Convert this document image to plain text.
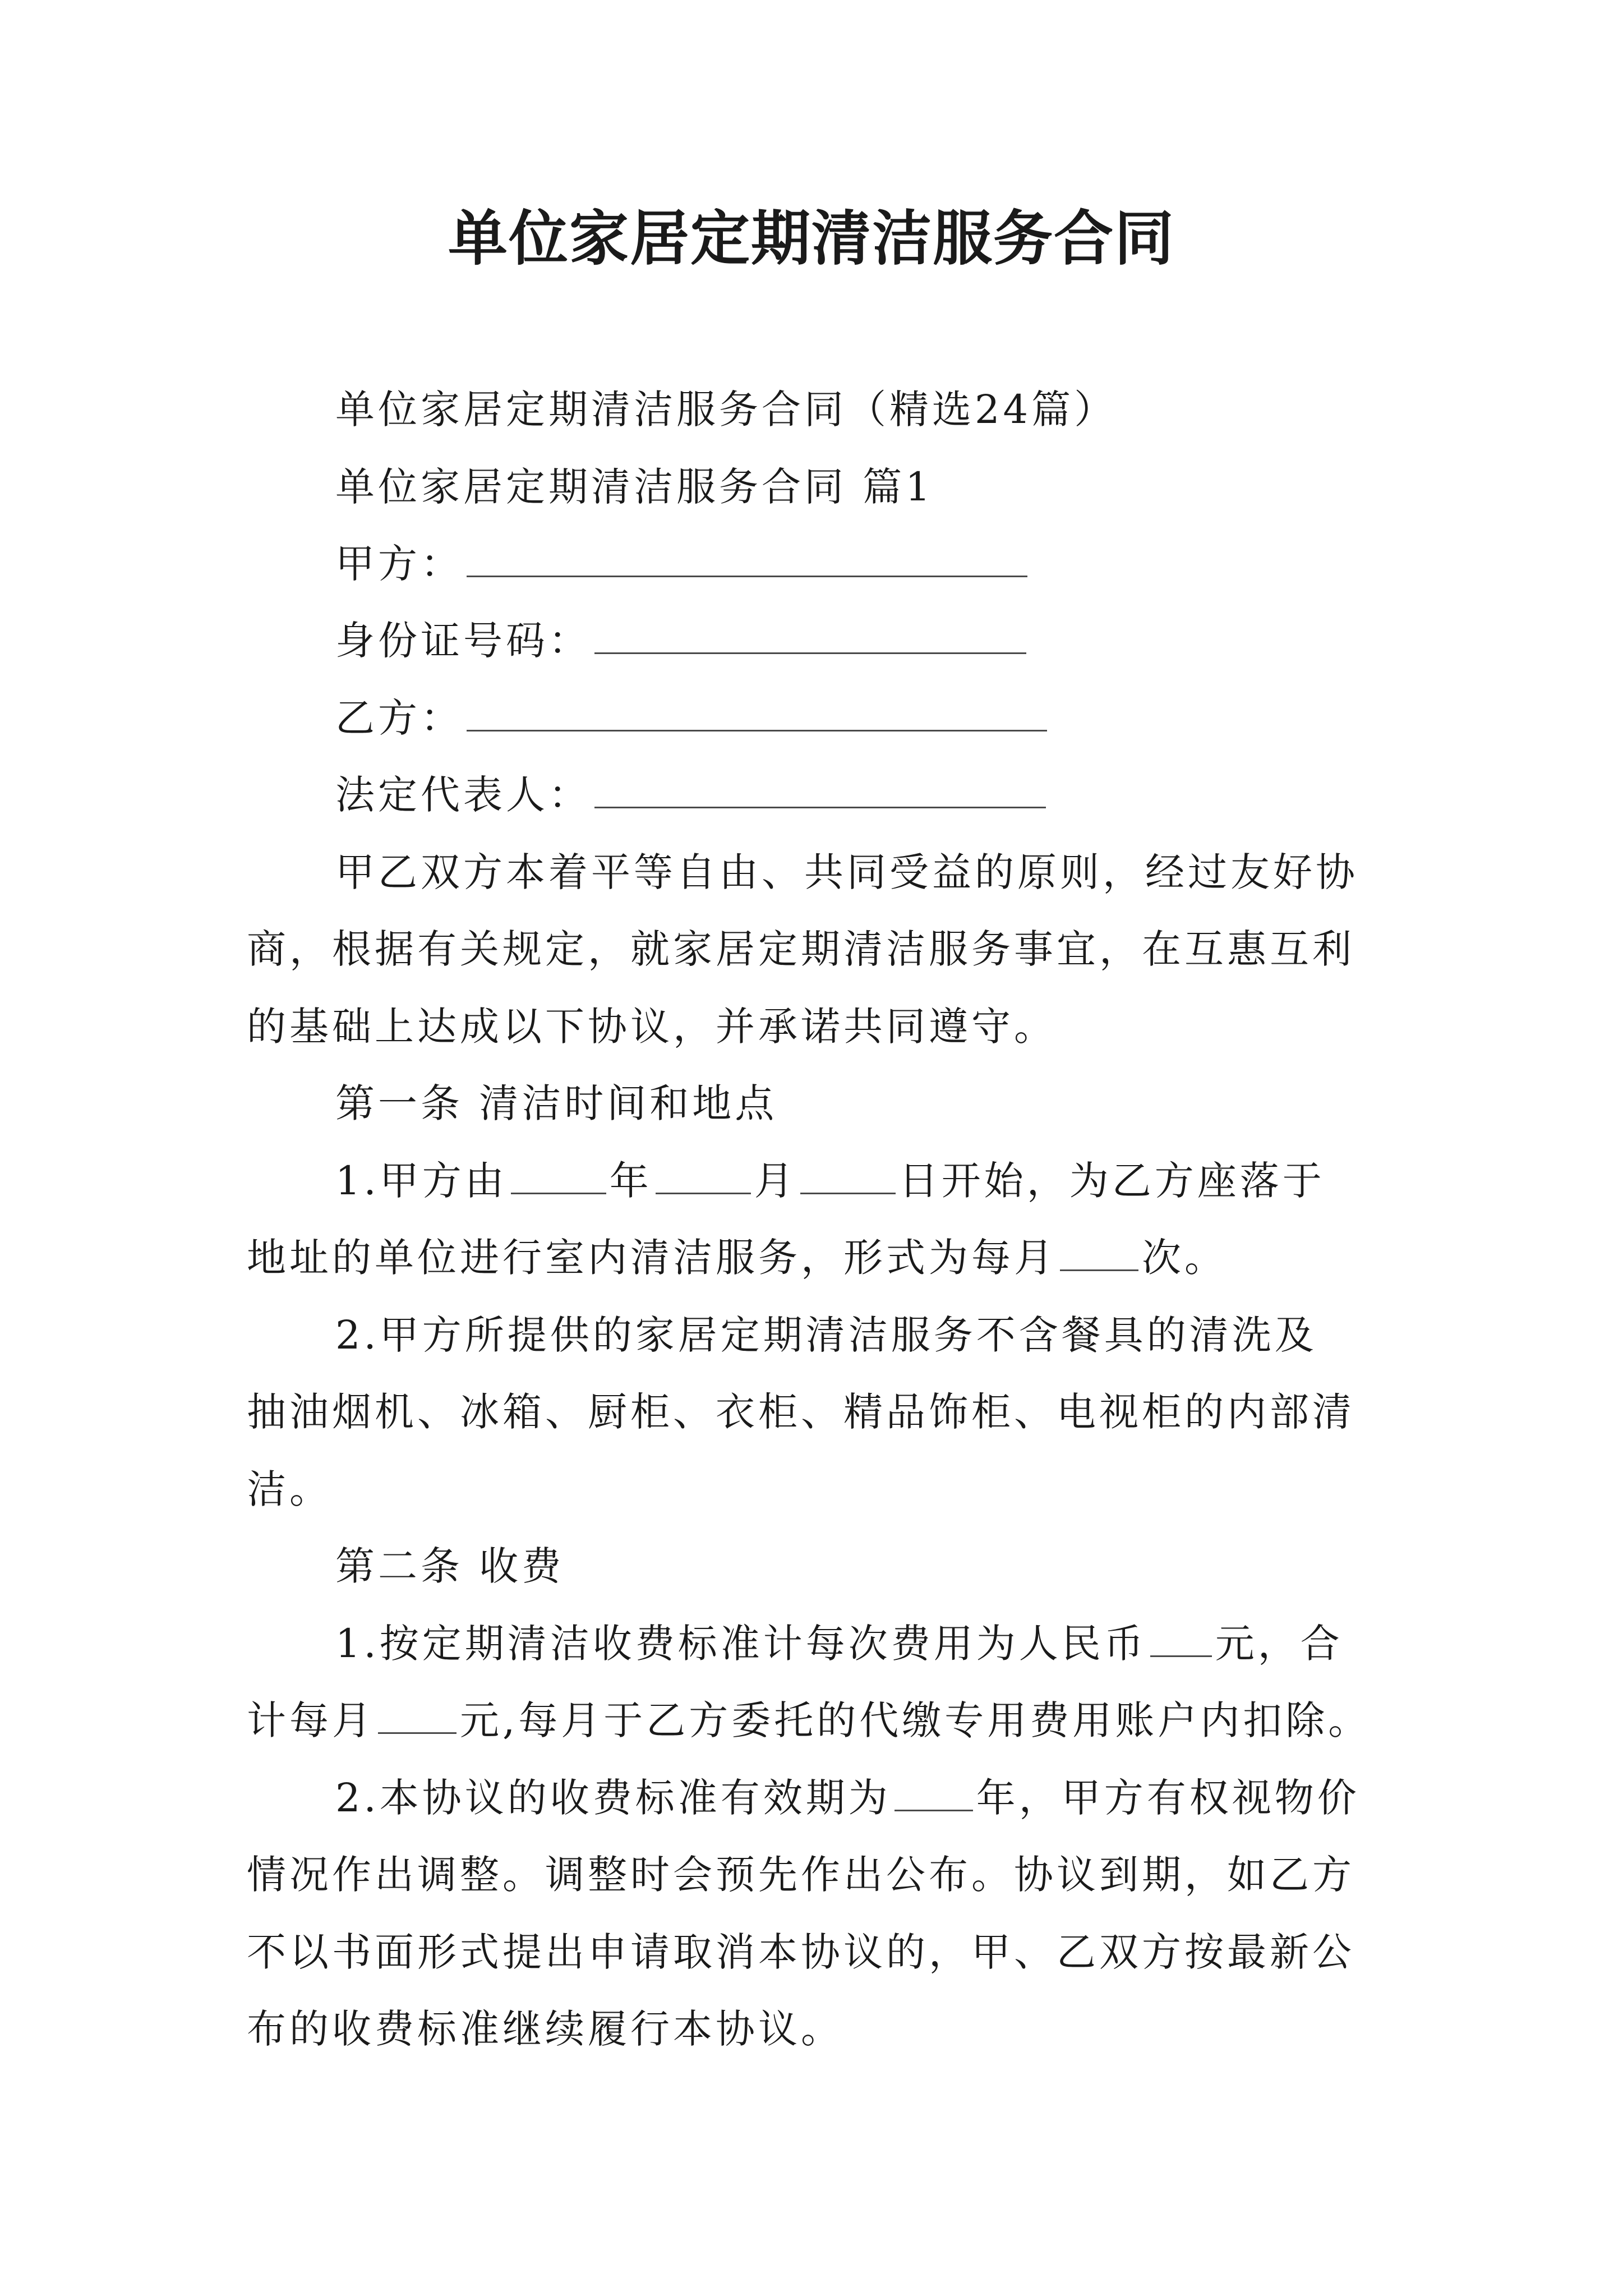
单位家居定期清洁服务合同
单位家居定期清洁服务合同（精选24篇）
单位家居定期清洁服务合同 篇1
甲方：
身份证号码：
乙方：
法定代表人：
甲乙双方本着平等自由、共同受益的原则，经过友好协
商，根据有关规定，就家居定期清洁服务事宜，在互惠互利
的基础上达成以下协议，并承诺共同遵守。
第一条 清洁时间和地点
1.甲方由	年	月	日开始，为乙方座落于
地址的单位进行室内清洁服务，形式为每月 次。
2.甲方所提供的家居定期清洁服务不含餐具的清洗及
抽油烟机、冰箱、厨柜、衣柜、精品饰柜、电视柜的内部清
洁。
第二条 收费
1.按定期清洁收费标准计每次费用为人民币 元，合
计每月 元,每月于乙方委托的代缴专用费用账户内扣除。
2.本协议的收费标准有效期为 年，甲方有权视物价
情况作出调整。调整时会预先作出公布。协议到期，如乙方
不以书面形式提出申请取消本协议的，甲、乙双方按最新公
布的收费标准继续履行本协议。
